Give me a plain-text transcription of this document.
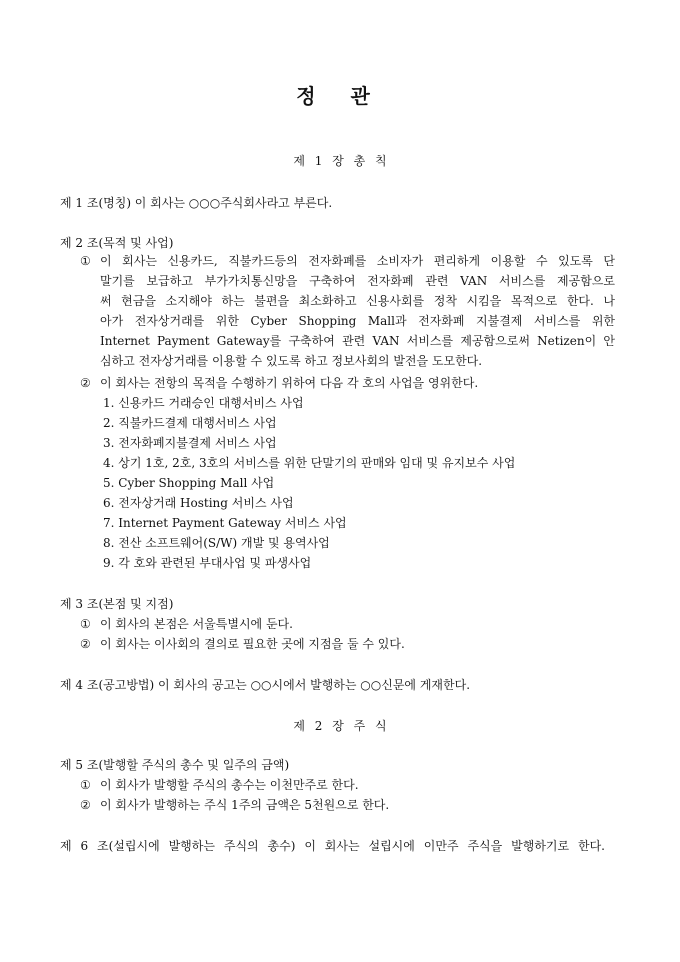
정 관
제 1 장 총 칙
제 1 조(명칭) 이 회사는 ○○○주식회사라고 부른다.
제 2 조(목적 및 사업)
① 이 회사는 신용카드, 직불카드등의 전자화폐를 소비자가 편리하게 이용할 수 있도록 단
말기를 보급하고 부가가치통신망을 구축하여 전자화폐 관련 VAN 서비스를 제공함으로
써 현금을 소지해야 하는 불편을 최소화하고 신용사회를 정착 시킴을 목적으로 한다. 나
아가 전자상거래를 위한 Cyber Shopping Mall과 전자화폐 지불결제 서비스를 위한
Internet Payment Gateway를 구축하여 관련 VAN 서비스를 제공함으로써 Netizen이 안
심하고 전자상거래를 이용할 수 있도록 하고 정보사회의 발전을 도모한다.
② 이 회사는 전항의 목적을 수행하기 위하여 다음 각 호의 사업을 영위한다.
1. 신용카드 거래승인 대행서비스 사업
2. 직불카드결제 대행서비스 사업
3. 전자화폐지불결제 서비스 사업
4. 상기 1호, 2호, 3호의 서비스를 위한 단말기의 판매와 임대 및 유지보수 사업
5. Cyber Shopping Mall 사업
6. 전자상거래 Hosting 서비스 사업
7. Internet Payment Gateway 서비스 사업
8. 전산 소프트웨어(S/W) 개발 및 용역사업
9. 각 호와 관련된 부대사업 및 파생사업
제 3 조(본점 및 지점)
① 이 회사의 본점은 서울특별시에 둔다.
② 이 회사는 이사회의 결의로 필요한 곳에 지점을 둘 수 있다.
제 4 조(공고방법) 이 회사의 공고는 ○○시에서 발행하는 ○○신문에 게재한다.
제 2 장 주 식
제 5 조(발행할 주식의 총수 및 일주의 금액)
① 이 회사가 발행할 주식의 총수는 이천만주로 한다.
② 이 회사가 발행하는 주식 1주의 금액은 5천원으로 한다.
제 6 조(설립시에 발행하는 주식의 총수) 이 회사는 설립시에 이만주 주식을 발행하기로 한다.
